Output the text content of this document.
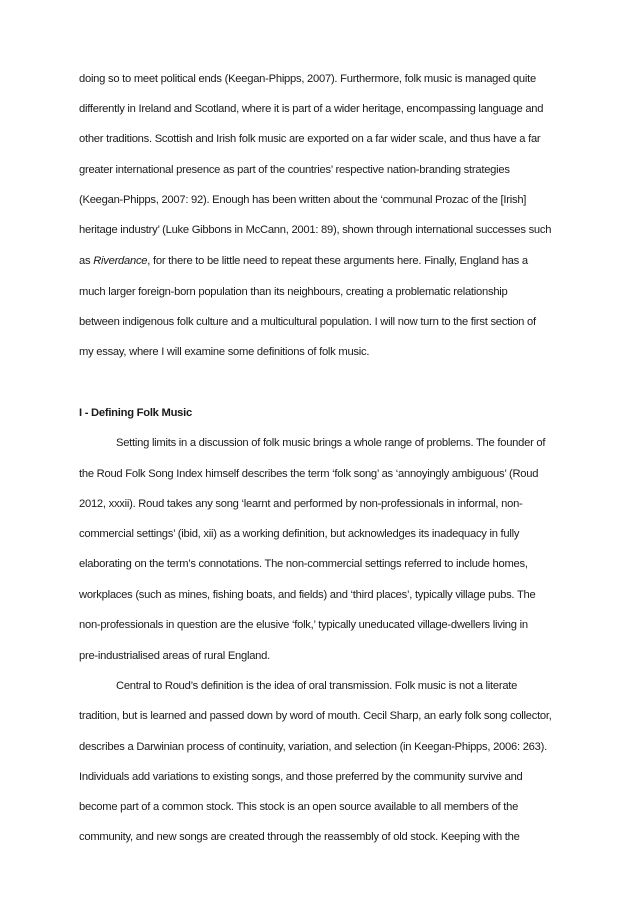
doing so to meet political ends (Keegan-Phipps, 2007). Furthermore, folk music is managed quite
differently in Ireland and Scotland, where it is part of a wider heritage, encompassing language and
other traditions. Scottish and Irish folk music are exported on a far wider scale, and thus have a far
greater international presence as part of the countries’ respective nation-branding strategies
(Keegan-Phipps, 2007: 92). Enough has been written about the ‘communal Prozac of the [Irish]
heritage industry’ (Luke Gibbons in McCann, 2001: 89), shown through international successes such
as Riverdance, for there to be little need to repeat these arguments here. Finally, England has a
much larger foreign-born population than its neighbours, creating a problematic relationship
between indigenous folk culture and a multicultural population. I will now turn to the first section of
my essay, where I will examine some definitions of folk music.
I - Defining Folk Music
Setting limits in a discussion of folk music brings a whole range of problems. The founder of
the Roud Folk Song Index himself describes the term ‘folk song’ as ‘annoyingly ambiguous’ (Roud
2012, xxxii). Roud takes any song ‘learnt and performed by non-professionals in informal, non-
commercial settings’ (ibid, xii) as a working definition, but acknowledges its inadequacy in fully
elaborating on the term’s connotations. The non-commercial settings referred to include homes,
workplaces (such as mines, fishing boats, and fields) and ‘third places’, typically village pubs. The
non-professionals in question are the elusive ‘folk,’ typically uneducated village-dwellers living in
pre-industrialised areas of rural England.
Central to Roud’s definition is the idea of oral transmission. Folk music is not a literate
tradition, but is learned and passed down by word of mouth. Cecil Sharp, an early folk song collector,
describes a Darwinian process of continuity, variation, and selection (in Keegan-Phipps, 2006: 263).
Individuals add variations to existing songs, and those preferred by the community survive and
become part of a common stock. This stock is an open source available to all members of the
community, and new songs are created through the reassembly of old stock. Keeping with the
